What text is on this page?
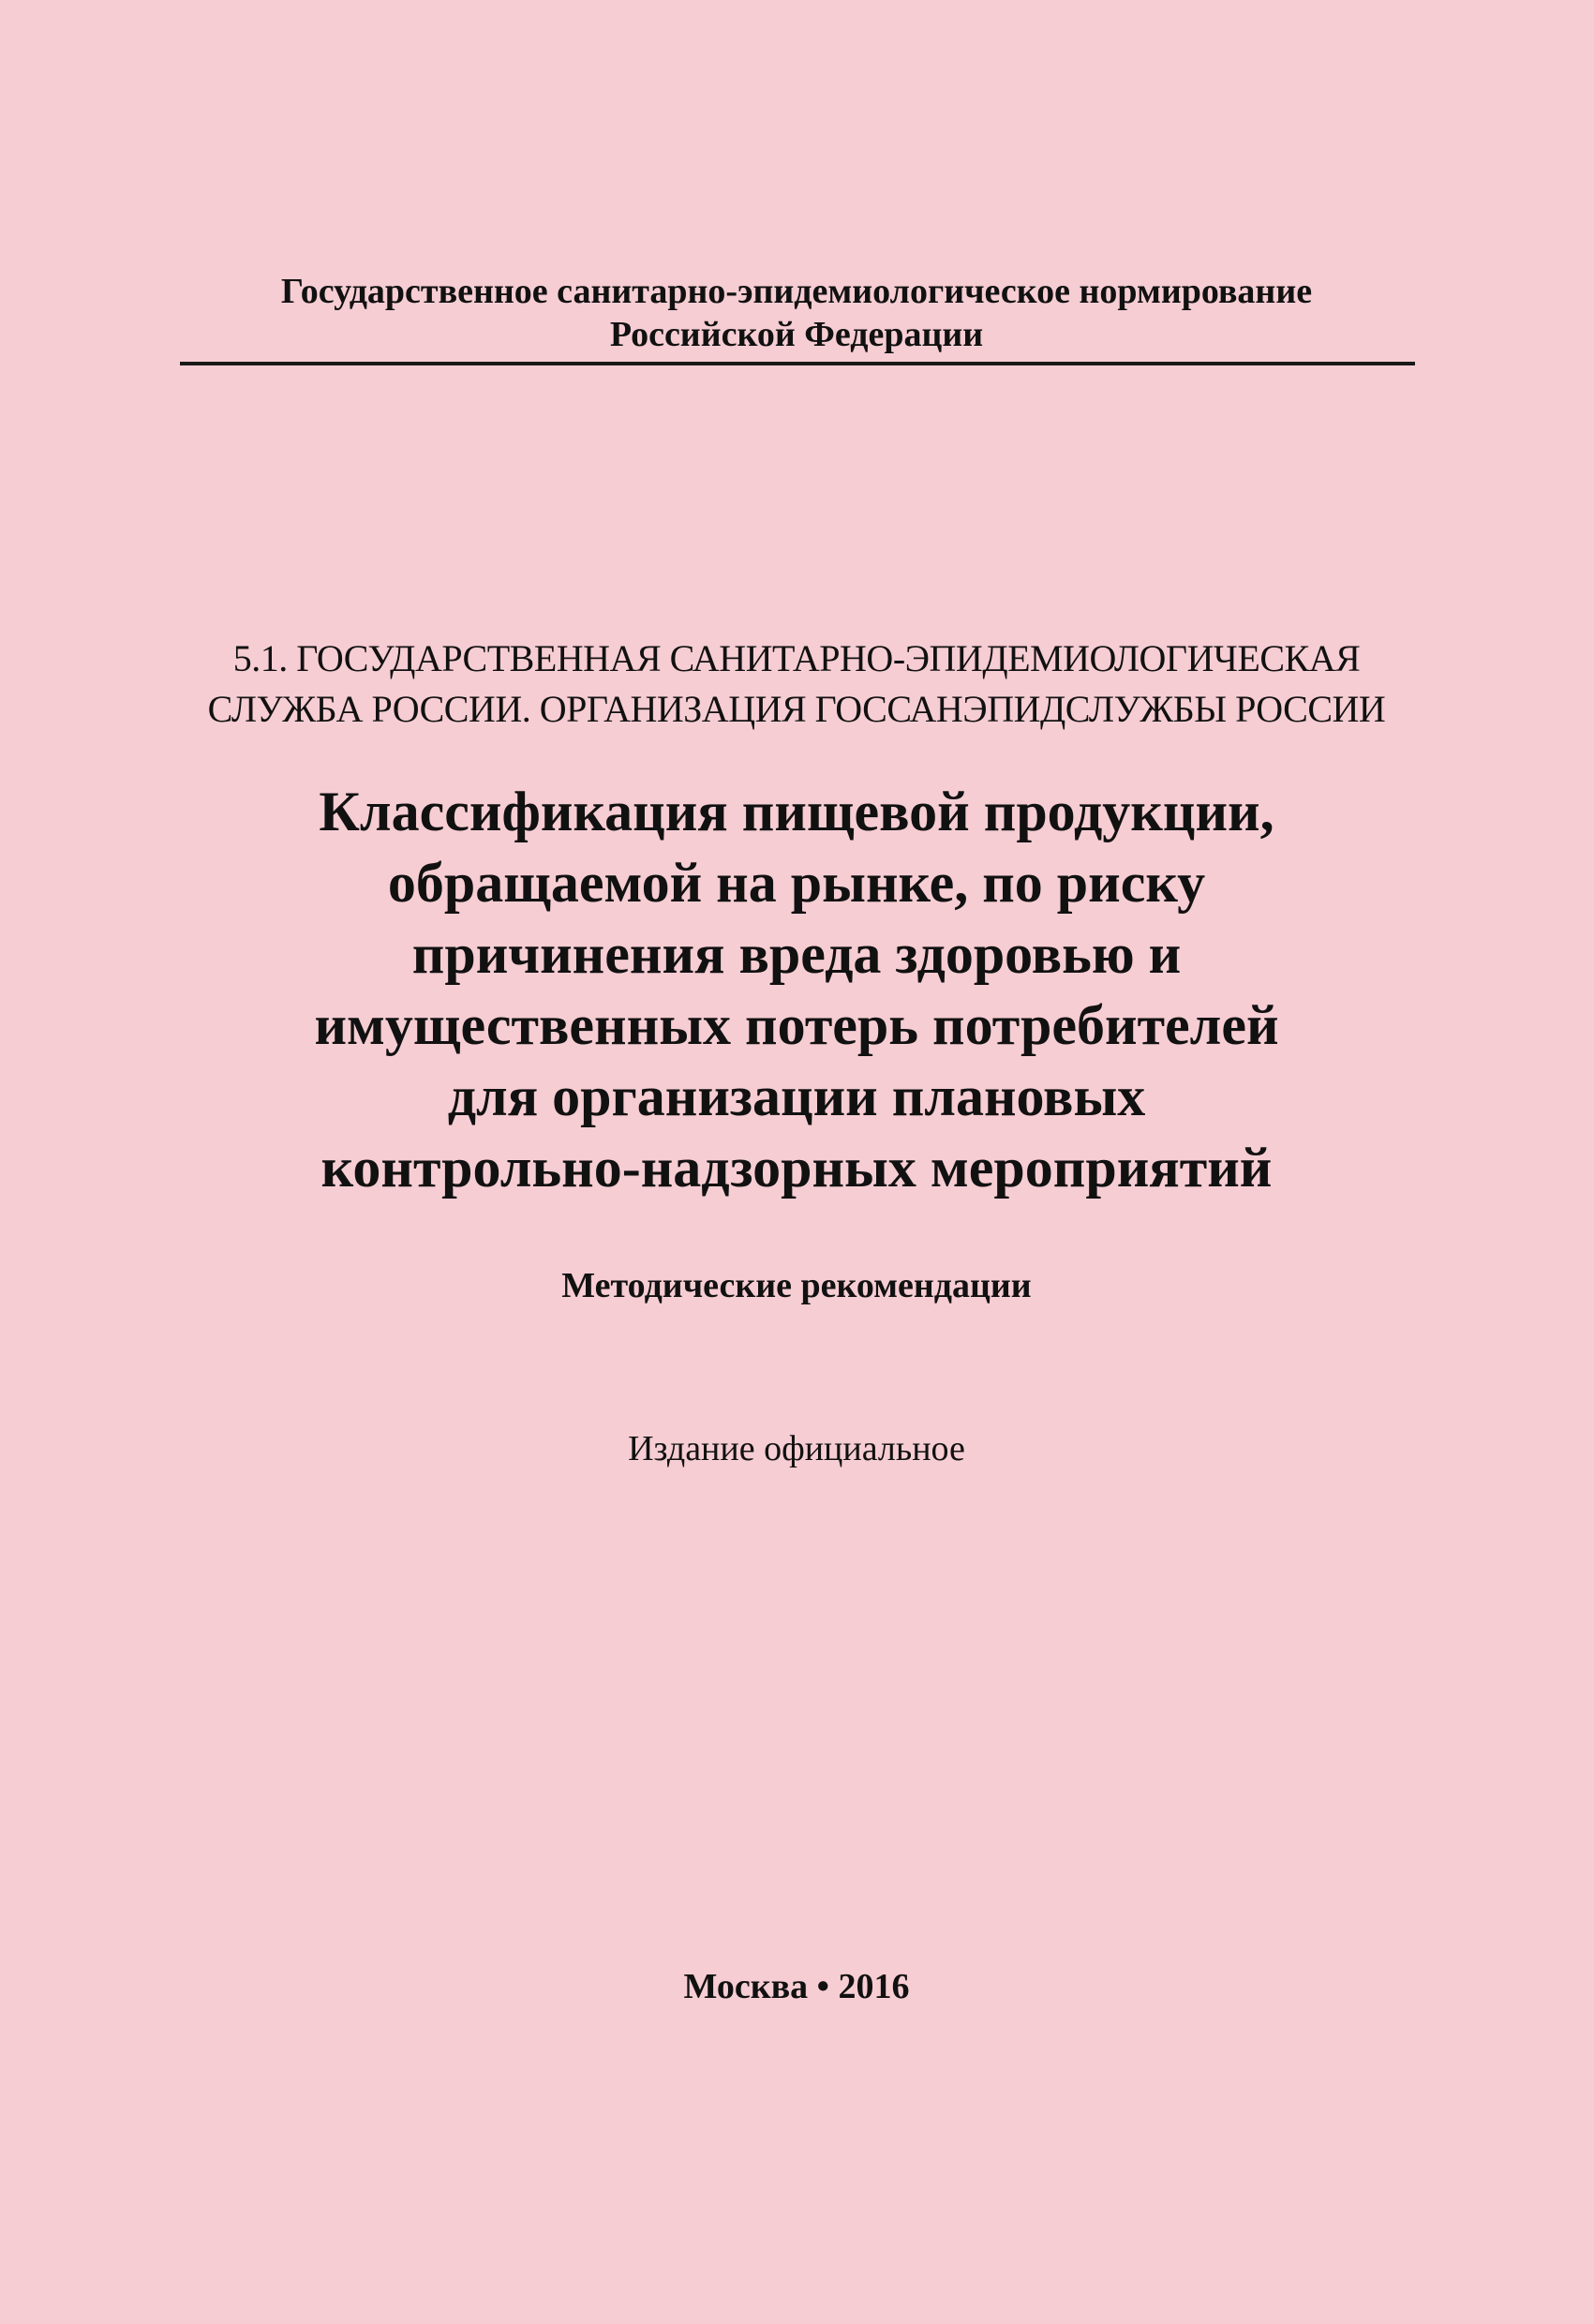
Государственное санитарно-эпидемиологическое нормирование
Российской Федерации
5.1. ГОСУДАРСТВЕННАЯ САНИТАРНО-ЭПИДЕМИОЛОГИЧЕСКАЯ
СЛУЖБА РОССИИ. ОРГАНИЗАЦИЯ ГОССАНЭПИДСЛУЖБЫ РОССИИ
Классификация пищевой продукции,
обращаемой на рынке, по риску
причинения вреда здоровью и
имущественных потерь потребителей
для организации плановых
контрольно-надзорных мероприятий
Методические рекомендации
Издание официальное
Москва • 2016
